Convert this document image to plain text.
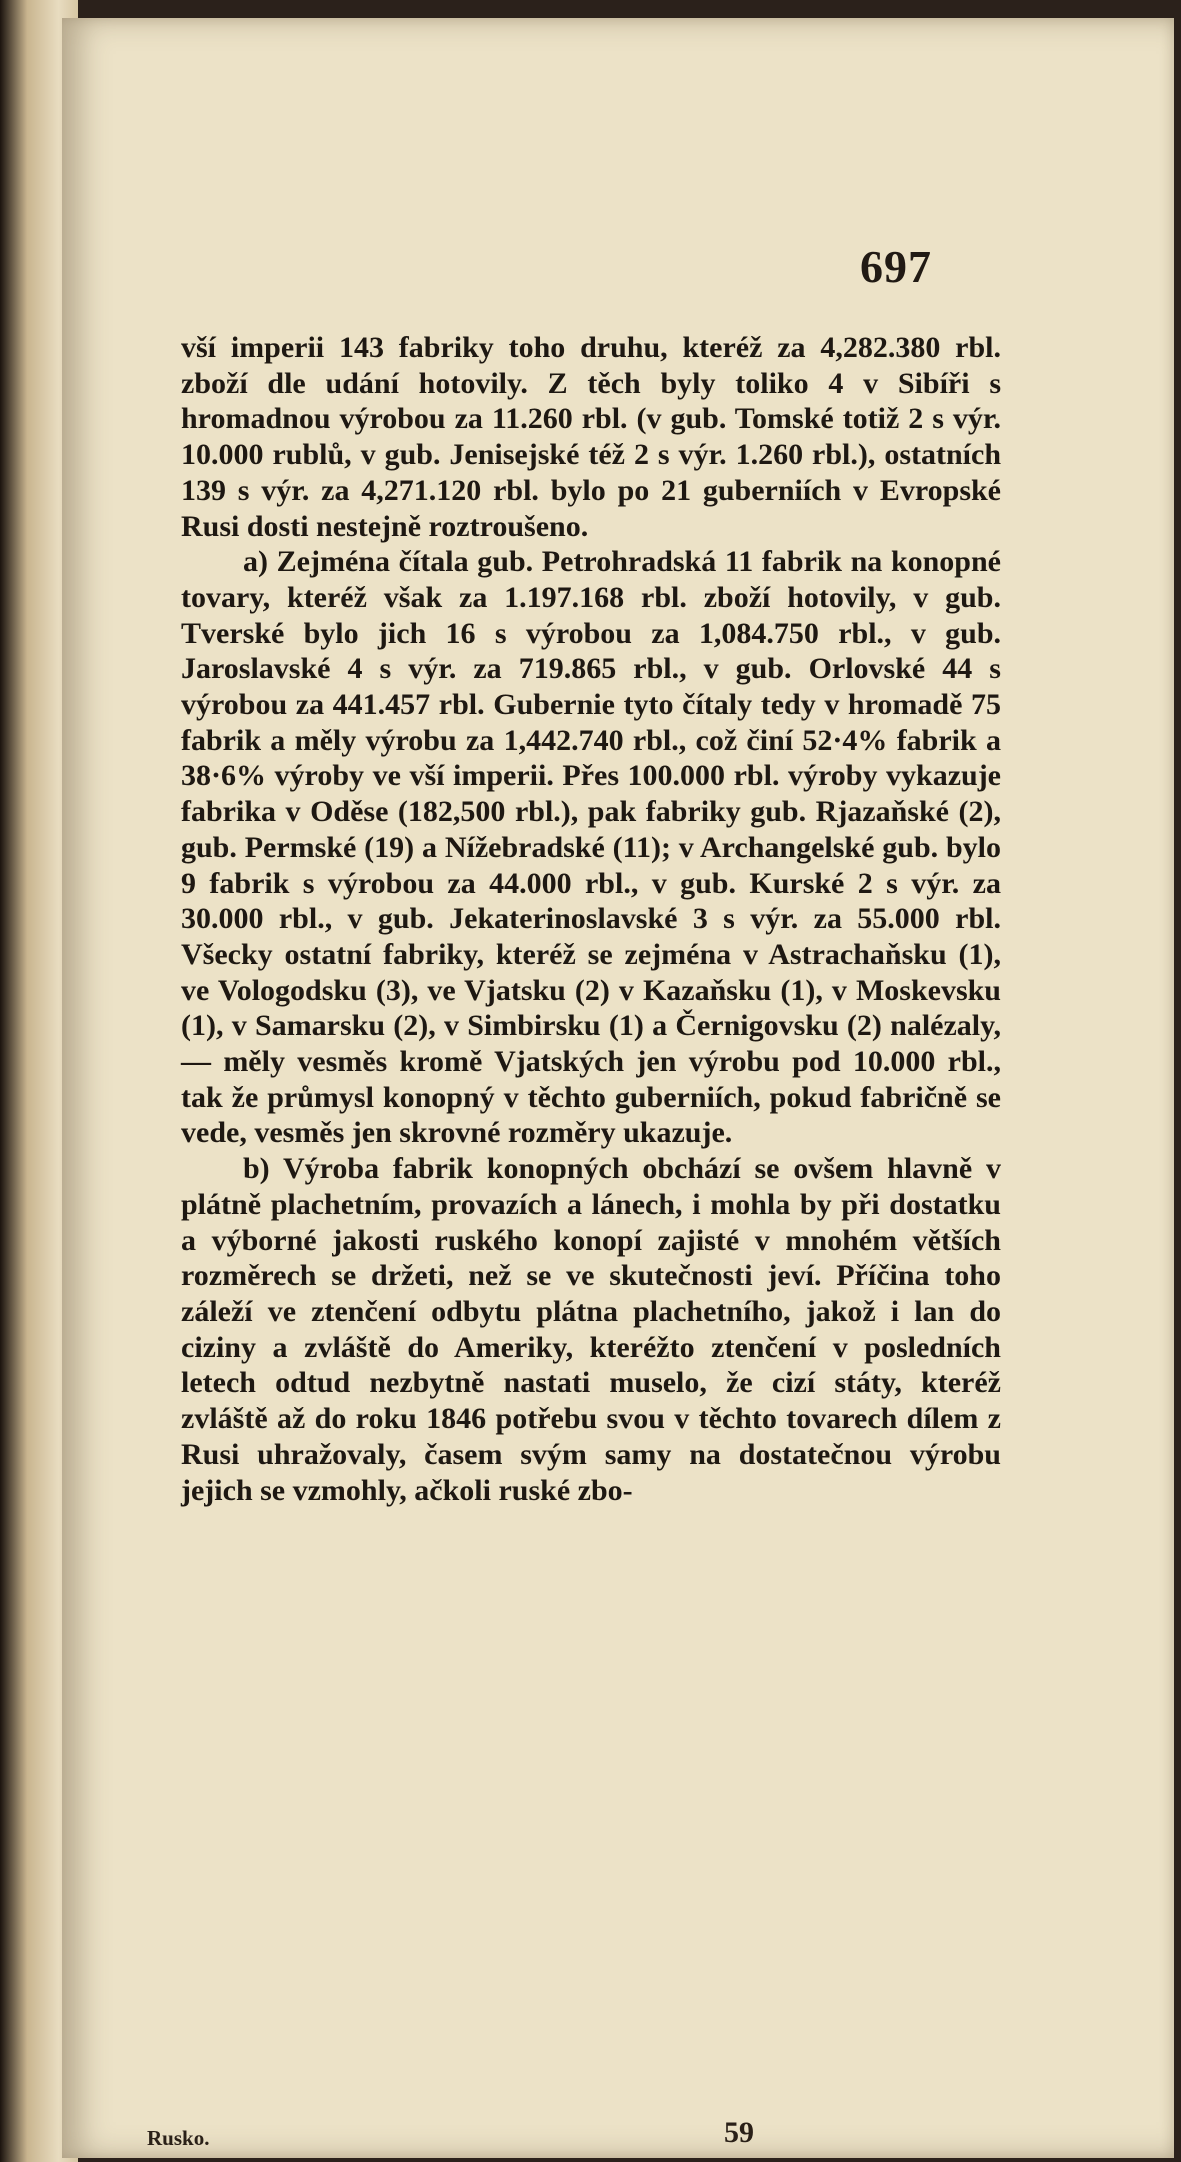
697

vší imperii 143 fabriky toho druhu, kteréž za 4,282.380 rbl. zboží dle udání hotovily. Z těch byly toliko 4 v Sibíři s hromadnou výrobou za 11.260 rbl. (v gub. Tomské totiž 2 s výr. 10.000 rublů, v gub. Jenisejské též 2 s výr. 1.260 rbl.), ostatních 139 s výr. za 4,271.120 rbl. bylo po 21 guberniích v Evropské Rusi dosti nestejně roztroušeno.

a) Zejména čítala gub. Petrohradská 11 fabrik na konopné tovary, kteréž však za 1.197.168 rbl. zboží hotovily, v gub. Tverské bylo jich 16 s výrobou za 1,084.750 rbl., v gub. Jaroslavské 4 s výr. za 719.865 rbl., v gub. Orlovské 44 s výrobou za 441.457 rbl. Gubernie tyto čítaly tedy v hromadě 75 fabrik a měly výrobu za 1,442.740 rbl., což činí 52·4% fabrik a 38·6% výroby ve vší imperii. Přes 100.000 rbl. výroby vykazuje fabrika v Oděse (182,500 rbl.), pak fabriky gub. Rjazaňské (2), gub. Permské (19) a Nížebradské (11); v Archangelské gub. bylo 9 fabrik s výrobou za 44.000 rbl., v gub. Kurské 2 s výr. za 30.000 rbl., v gub. Jekaterinoslavské 3 s výr. za 55.000 rbl. Všecky ostatní fabriky, kteréž se zejména v Astrachaňsku (1), ve Vologodsku (3), ve Vjatsku (2) v Kazaňsku (1), v Moskevsku (1), v Samarsku (2), v Simbirsku (1) a Černigovsku (2) nalézaly, — měly vesměs kromě Vjatských jen výrobu pod 10.000 rbl., tak že průmysl konopný v těchto guberniích, pokud fabričně se vede, vesměs jen skrovné rozměry ukazuje.

b) Výroba fabrik konopných obchází se ovšem hlavně v plátně plachetním, provazích a lánech, i mohla by při dostatku a výborné jakosti ruského konopí zajisté v mnohém větších rozměrech se držeti, než se ve skutečnosti jeví. Příčina toho záleží ve ztenčení odbytu plátna plachetního, jakož i lan do ciziny a zvláště do Ameriky, kteréžto ztenčení v posledních letech odtud nezbytně nastati muselo, že cizí státy, kteréž zvláště až do roku 1846 potřebu svou v těchto tovarech dílem z Rusi uhražovaly, časem svým samy na dostatečnou výrobu jejich se vzmohly, ačkoli ruské zbo-

Rusko.	59
